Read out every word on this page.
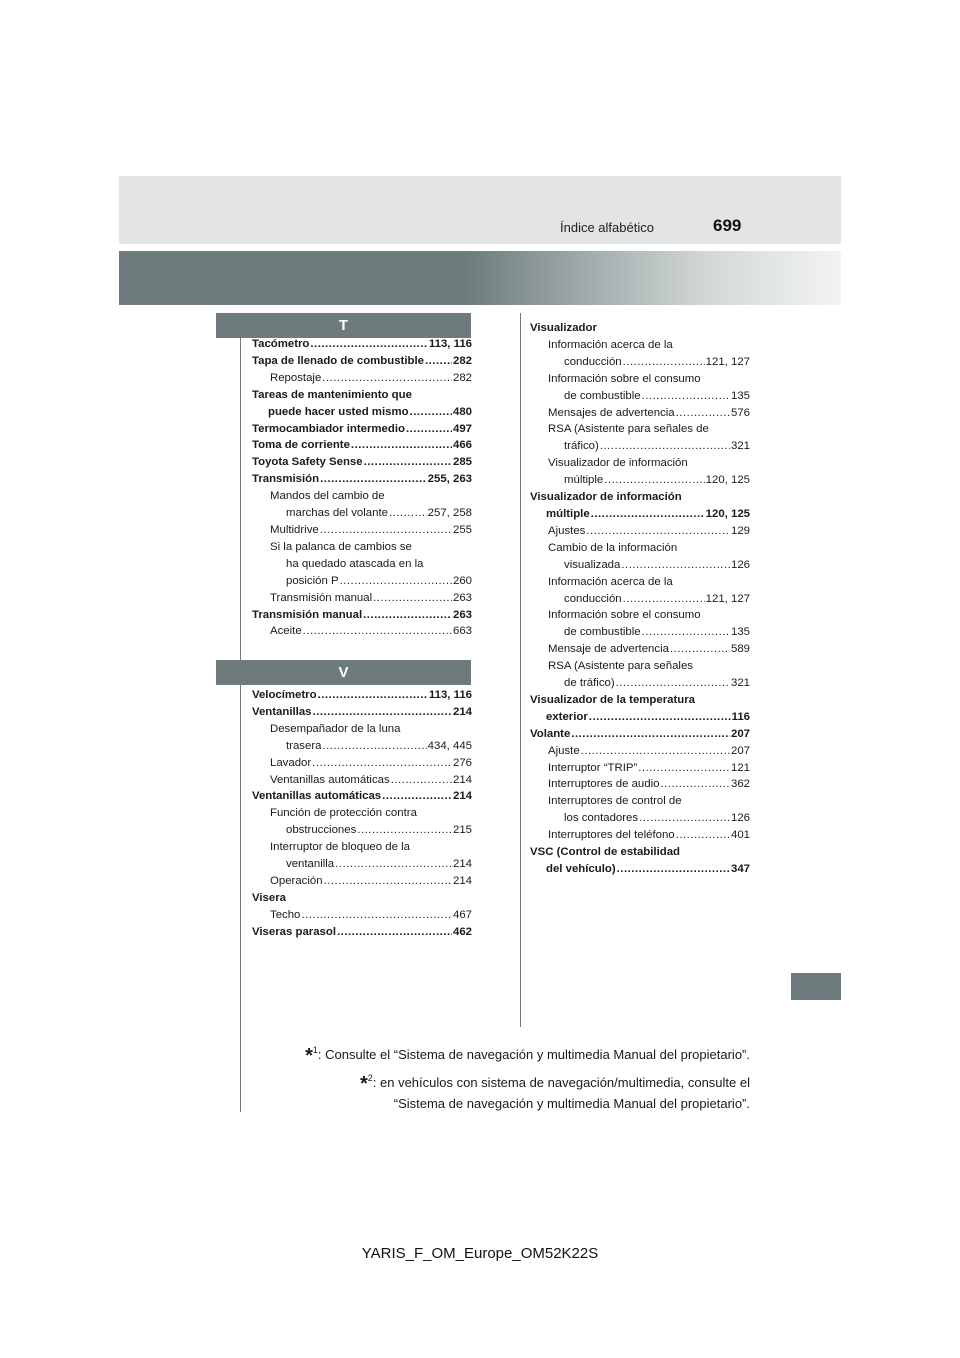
Índice alfabético	699
T
Tacómetro .....	113, 116
Tapa de llenado de combustible .....	282
Repostaje .....	282
Tareas de mantenimiento que
puede hacer usted mismo .....	480
Termocambiador intermedio .....	497
Toma de corriente .....	466
Toyota Safety Sense .....	285
Transmisión .....	255, 263
Mandos del cambio de
marchas del volante .....	257, 258
Multidrive .....	255
Si la palanca de cambios se
ha quedado atascada en la
posición P .....	260
Transmisión manual .....	263
Transmisión manual .....	263
Aceite .....	663
V
Velocímetro .....	113, 116
Ventanillas .....	214
Desempañador de la luna
trasera .....	434, 445
Lavador .....	276
Ventanillas automáticas .....	214
Ventanillas automáticas .....	214
Función de protección contra
obstrucciones .....	215
Interruptor de bloqueo de la
ventanilla .....	214
Operación .....	214
Visera
Techo .....	467
Viseras parasol .....	462
Visualizador
Información acerca de la
conducción .....	121, 127
Información sobre el consumo
de combustible .....	135
Mensajes de advertencia .....	576
RSA (Asistente para señales de
tráfico) .....	321
Visualizador de información
múltiple .....	120, 125
Visualizador de información
múltiple .....	120, 125
Ajustes .....	129
Cambio de la información
visualizada .....	126
Información acerca de la
conducción .....	121, 127
Información sobre el consumo
de combustible .....	135
Mensaje de advertencia .....	589
RSA (Asistente para señales
de tráfico) .....	321
Visualizador de la temperatura
exterior .....	116
Volante .....	207
Ajuste .....	207
Interruptor “TRIP” .....	121
Interruptores de audio .....	362
Interruptores de control de
los contadores .....	126
Interruptores del teléfono .....	401
VSC (Control de estabilidad
del vehículo) .....	347
*$^1$: Consulte el “Sistema de navegación y multimedia Manual del propietario”.
*$^2$: en vehículos con sistema de navegación/multimedia, consulte el
“Sistema de navegación y multimedia Manual del propietario”.
YARIS_F_OM_Europe_OM52K22S
